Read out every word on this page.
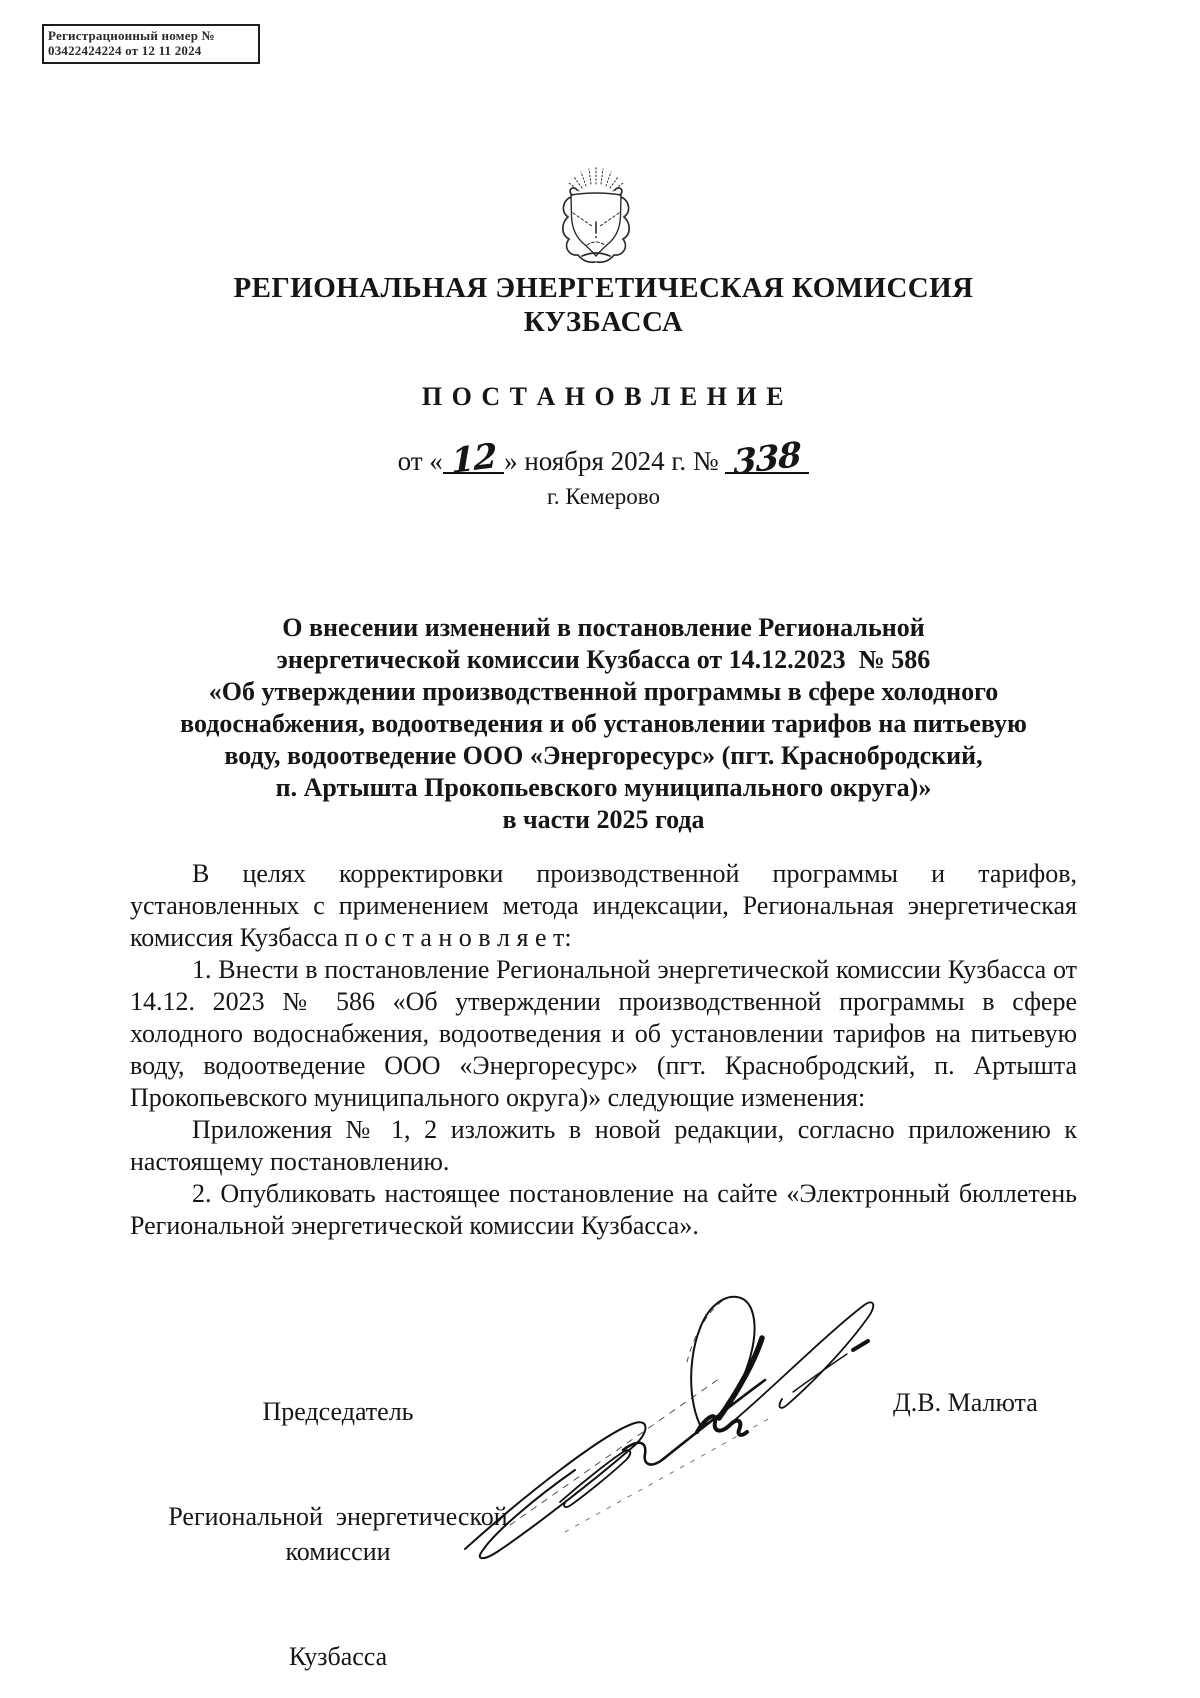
Регистрационный номер №
03422424224 от 12 11 2024
РЕГИОНАЛЬНАЯ ЭНЕРГЕТИЧЕСКАЯ КОМИССИЯ
КУЗБАССА
П О С Т А Н О В Л Е Н И Е
от « 12 » ноября 2024 г. № 338
г. Кемерово
О внесении изменений в постановление Региональной
энергетической комиссии Кузбасса от 14.12.2023  № 586
«Об утверждении производственной программы в сфере холодного
водоснабжения, водоотведения и об установлении тарифов на питьевую
воду, водоотведение ООО «Энергоресурс» (пгт. Краснобродский,
п. Артышта Прокопьевского муниципального округа)»
в части 2025 года

В целях корректировки производственной программы и тарифов, установленных с применением метода индексации, Региональная энергетическая комиссия Кузбасса п о с т а н о в л я е т:

1. Внести в постановление Региональной энергетической комиссии Кузбасса от 14.12. 2023 № 586 «Об утверждении производственной программы в сфере холодного водоснабжения, водоотведения и об установлении тарифов на питьевую воду, водоотведение ООО «Энергоресурс» (пгт. Краснобродский, п. Артышта Прокопьевского муниципального округа)» следующие изменения:

Приложения № 1, 2 изложить в новой редакции, согласно приложению к настоящему постановлению.

2. Опубликовать настоящее постановление на сайте «Электронный бюллетень Региональной энергетической комиссии Кузбасса».

Председатель

Региональной  энергетической комиссии

Кузбасса

Д.В. Малюта
